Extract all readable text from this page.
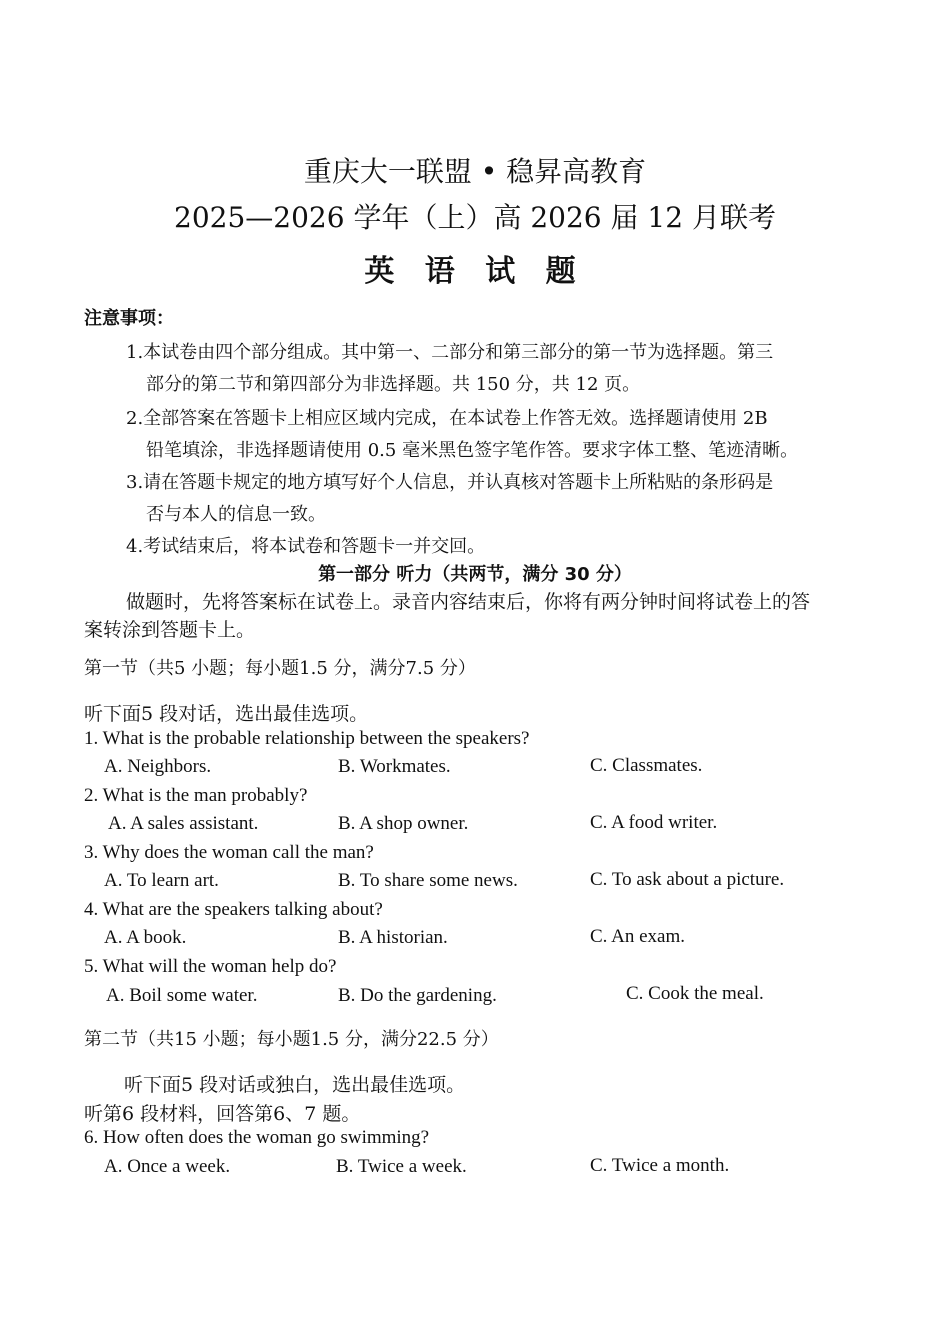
重庆大一联盟 • 稳昇高教育
2025—2026 学年（上）高 2026 届 12 月联考
英 语 试 题
注意事项：
1.本试卷由四个部分组成。其中第一、二部分和第三部分的第一节为选择题。第三
部分的第二节和第四部分为非选择题。共 150 分，共 12 页。
2.全部答案在答题卡上相应区域内完成，在本试卷上作答无效。选择题请使用 2B
铅笔填涂，非选择题请使用 0.5 毫米黑色签字笔作答。要求字体工整、笔迹清晰。
3.请在答题卡规定的地方填写好个人信息，并认真核对答题卡上所粘贴的条形码是
否与本人的信息一致。
4.考试结束后，将本试卷和答题卡一并交回。
第一部分 听力（共两节，满分 30 分）
做题时，先将答案标在试卷上。录音内容结束后，你将有两分钟时间将试卷上的答
案转涂到答题卡上。
第一节（共5 小题；每小题1.5 分，满分7.5 分）
听下面5 段对话，选出最佳选项。
1. What is the probable relationship between the speakers?
A. Neighbors.	B. Workmates.	C. Classmates.
2. What is the man probably?
A. A sales assistant.	B. A shop owner.	C. A food writer.
3. Why does the woman call the man?
A. To learn art.	B. To share some news.	C. To ask about a picture.
4. What are the speakers talking about?
A. A book.	B. A historian.	C. An exam.
5. What will the woman help do?
A. Boil some water.	B. Do the gardening.	C. Cook the meal.
第二节（共15 小题；每小题1.5 分，满分22.5 分）
听下面5 段对话或独白，选出最佳选项。
听第6 段材料，回答第6、7 题。
6. How often does the woman go swimming?
A. Once a week.	B. Twice a week.	C. Twice a month.
